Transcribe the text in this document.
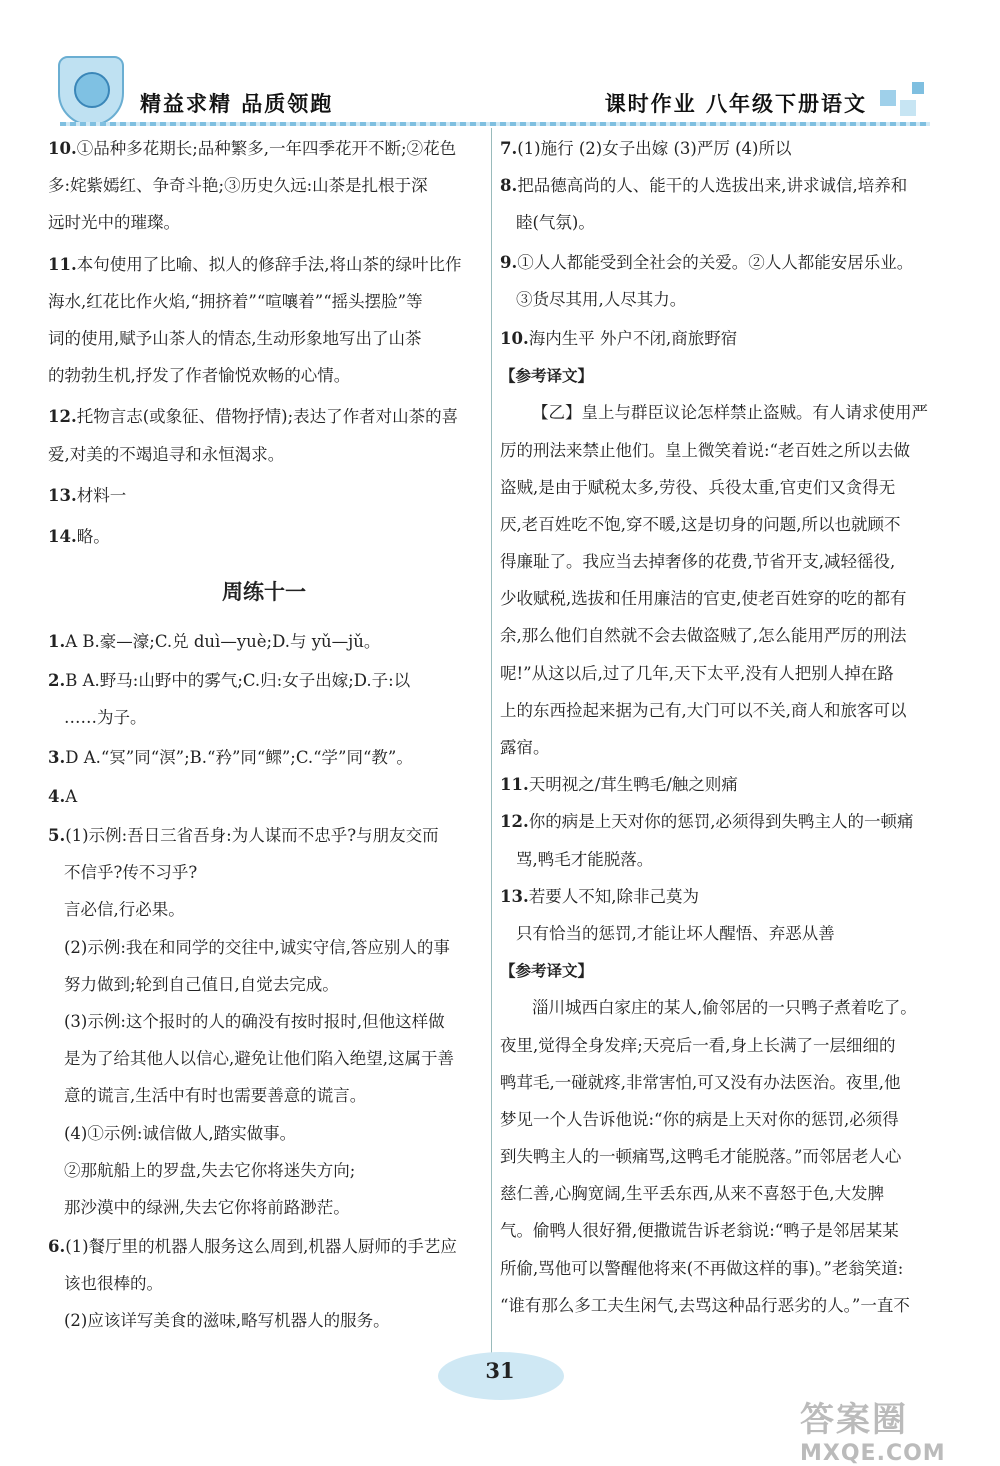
精益求精 品质领跑	课时作业 八年级下册语文
10.①品种多花期长;品种繁多,一年四季花开不断;②花色
多:姹紫嫣红、争奇斗艳;③历史久远:山茶是扎根于深
远时光中的璀璨。
11.本句使用了比喻、拟人的修辞手法,将山茶的绿叶比作
海水,红花比作火焰,“拥挤着”“喧嚷着”“摇头摆脸”等
词的使用,赋予山茶人的情态,生动形象地写出了山茶
的勃勃生机,抒发了作者愉悦欢畅的心情。
12.托物言志(或象征、借物抒情);表达了作者对山茶的喜
爱,对美的不竭追寻和永恒渴求。
13.材料一
14.略。
周练十一
1.A B.豪—濠;C.兑 duì—yuè;D.与 yǔ—jǔ。
2.B A.野马:山野中的雾气;C.归:女子出嫁;D.子:以
……为子。
3.D A.“冥”同“溟”;B.“矜”同“鳏”;C.“学”同“教”。
4.A
5.(1)示例:吾日三省吾身:为人谋而不忠乎?与朋友交而
不信乎?传不习乎?
言必信,行必果。
(2)示例:我在和同学的交往中,诚实守信,答应别人的事
努力做到;轮到自己值日,自觉去完成。
(3)示例:这个报时的人的确没有按时报时,但他这样做
是为了给其他人以信心,避免让他们陷入绝望,这属于善
意的谎言,生活中有时也需要善意的谎言。
(4)①示例:诚信做人,踏实做事。
②那航船上的罗盘,失去它你将迷失方向;
那沙漠中的绿洲,失去它你将前路渺茫。
6.(1)餐厅里的机器人服务这么周到,机器人厨师的手艺应
该也很棒的。
(2)应该详写美食的滋味,略写机器人的服务。
7.(1)施行 (2)女子出嫁 (3)严厉 (4)所以
8.把品德高尚的人、能干的人选拔出来,讲求诚信,培养和
睦(气氛)。
9.①人人都能受到全社会的关爱。②人人都能安居乐业。
③货尽其用,人尽其力。
10.海内生平 外户不闭,商旅野宿
【参考译文】
【乙】皇上与群臣议论怎样禁止盗贼。有人请求使用严
厉的刑法来禁止他们。皇上微笑着说:“老百姓之所以去做
盗贼,是由于赋税太多,劳役、兵役太重,官吏们又贪得无
厌,老百姓吃不饱,穿不暖,这是切身的问题,所以也就顾不
得廉耻了。我应当去掉奢侈的花费,节省开支,减轻徭役,
少收赋税,选拔和任用廉洁的官吏,使老百姓穿的吃的都有
余,那么他们自然就不会去做盗贼了,怎么能用严厉的刑法
呢!”从这以后,过了几年,天下太平,没有人把别人掉在路
上的东西捡起来据为己有,大门可以不关,商人和旅客可以
露宿。
11.天明视之/茸生鸭毛/触之则痛
12.你的病是上天对你的惩罚,必须得到失鸭主人的一顿痛
骂,鸭毛才能脱落。
13.若要人不知,除非己莫为
只有恰当的惩罚,才能让坏人醒悟、弃恶从善
【参考译文】
淄川城西白家庄的某人,偷邻居的一只鸭子煮着吃了。
夜里,觉得全身发痒;天亮后一看,身上长满了一层细细的
鸭茸毛,一碰就疼,非常害怕,可又没有办法医治。夜里,他
梦见一个人告诉他说:“你的病是上天对你的惩罚,必须得
到失鸭主人的一顿痛骂,这鸭毛才能脱落。”而邻居老人心
慈仁善,心胸宽阔,生平丢东西,从来不喜怒于色,大发脾
气。偷鸭人很好猾,便撒谎告诉老翁说:“鸭子是邻居某某
所偷,骂他可以警醒他将来(不再做这样的事)。”老翁笑道:
“谁有那么多工夫生闲气,去骂这种品行恶劣的人。”一直不
31
答案圈
MXQE.COM
